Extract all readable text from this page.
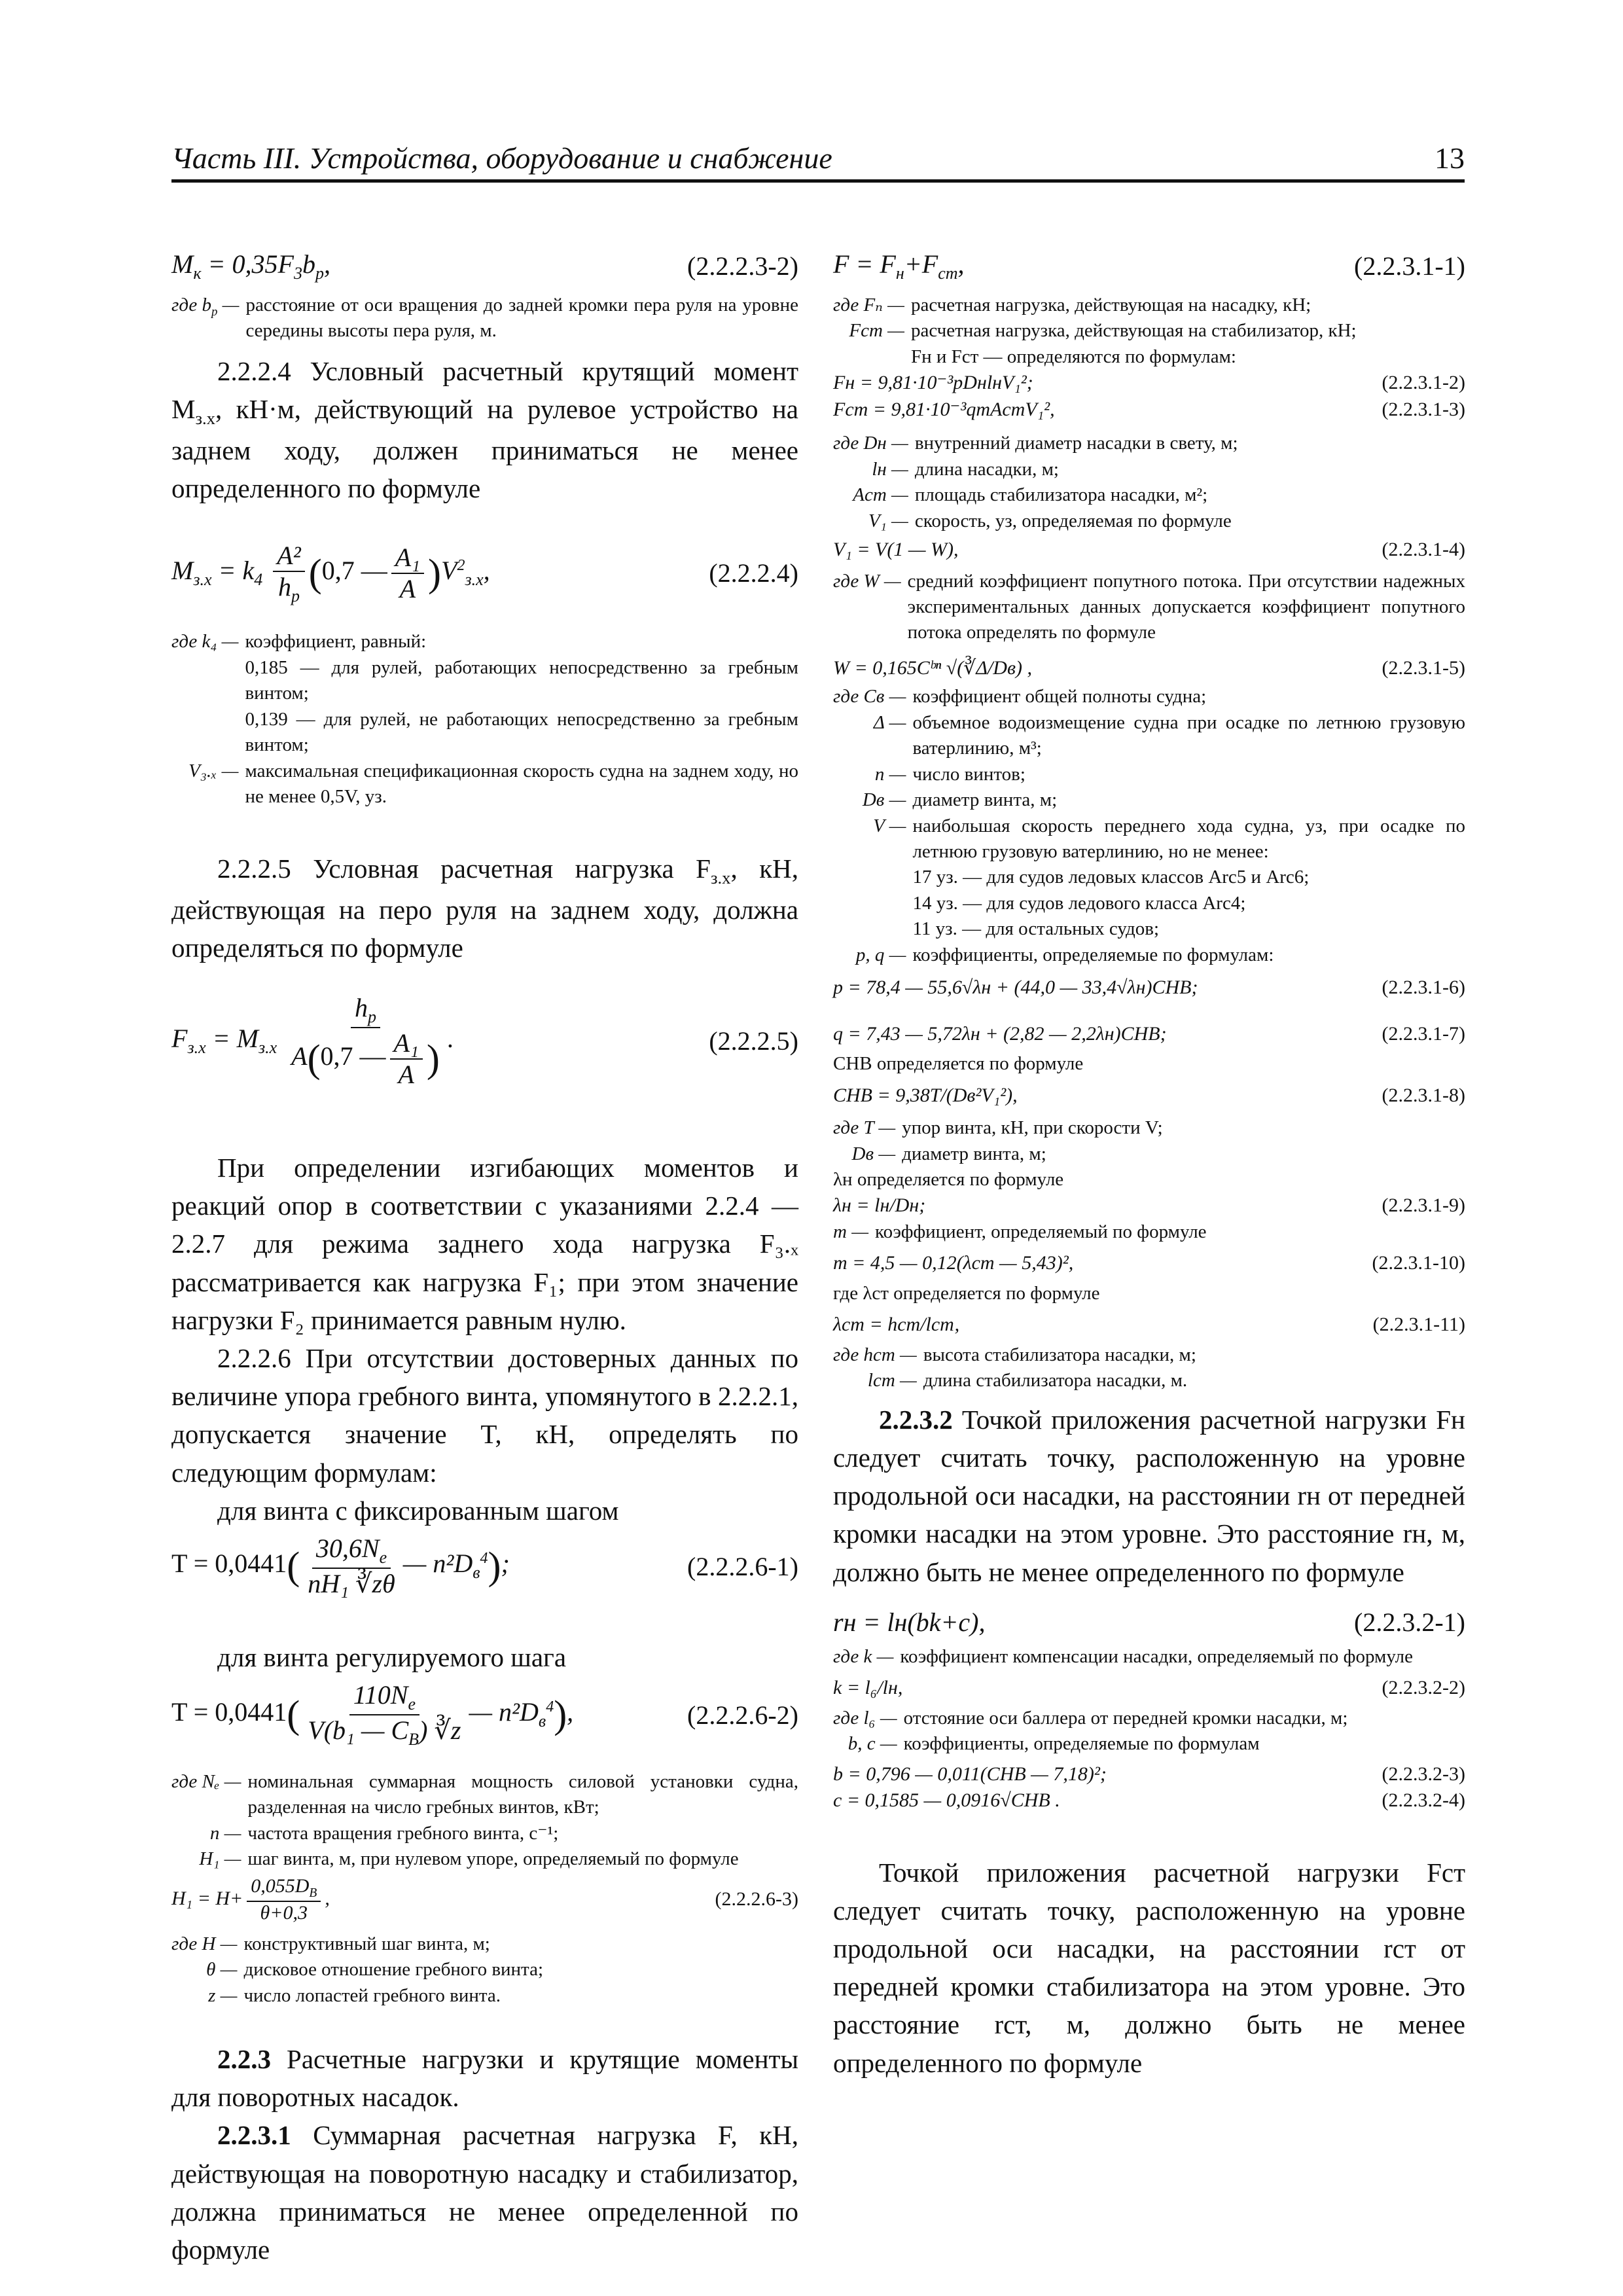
Часть III. Устройства, оборудование и снабжение	13
$M_к = 0,35F_3b_р$,	(2.2.2.3-2)
где $b_р$ — расстояние от оси вращения до задней кромки пера руля на уровне середины высоты пера руля, м.
2.2.2.4 Условный расчетный крутящий момент $M_{з.х}$, кН·м, действующий на рулевое устройство на заднем ходу, должен приниматься не менее определенного по формуле
$M_{з.х} = k_4 \frac{\text{A²}}{h_р} (0,7$ — $\frac{\text{A₁}}{A} )V^2_{з.х}$,	(2.2.2.4)
где k₄ — коэффициент, равный:
0,185 — для рулей, работающих непосредственно за гребным винтом;
0,139 — для рулей, не работающих непосредственно за гребным винтом;
V₃.ₓ — максимальная спецификационная скорость судна на заднем ходу, но не менее 0,5V, уз.
2.2.2.5 Условная расчетная нагрузка $F_{з.х}$, кН, действующая на перо руля на заднем ходу, должна определяться по формуле
$F_{з.х} = M_{з.х} \frac{h_р}{A(0,7 — \frac{\text{A₁}}{A} )}$ .	(2.2.2.5)
При определении изгибающих моментов и реакций опор в соответствии с указаниями 2.2.4 — 2.2.7 для режима заднего хода нагрузка F₃.ₓ рассматривается как нагрузка F₁; при этом значение нагрузки F₂ принимается равным нулю.
2.2.2.6 При отсутствии достоверных данных по величине упора гребного винта, упомянутого в 2.2.2.1, допускается значение T, кН, определять по следующим формулам:
для винта с фиксированным шагом
$T = 0,0441( \frac{30,6N_e}{\text{nH₁ ∛zθ}}$ — $n^2D_в^4$);	(2.2.2.6-1)
для винта регулируемого шага
$T = 0,0441( \frac{110N_e}{V(b_1 — C_B) ∛z}$ — $n^2D_в^4$),	(2.2.2.6-2)
где Nₑ — номинальная суммарная мощность силовой установки судна, разделенная на число гребных винтов, кВт;
n — частота вращения гребного винта, с⁻¹;
H₁ — шаг винта, м, при нулевом упоре, определяемый по формуле
$H_1 = H+ \frac{0,055D_В}{\theta+0,3}$ ,	(2.2.2.6-3)
где H — конструктивный шаг винта, м;
θ — дисковое отношение гребного винта;
z — число лопастей гребного винта.
2.2.3 Расчетные нагрузки и крутящие моменты для поворотных насадок.
2.2.3.1 Суммарная расчетная нагрузка F, кН, действующая на поворотную насадку и стабилизатор, должна приниматься не менее определенной по формуле
$F = F_н+F_{ст}$,	(2.2.3.1-1)
где Fₙ — расчетная нагрузка, действующая на насадку, кН;
Fст — расчетная нагрузка, действующая на стабилизатор, кН;
Fн и Fст — определяются по формулам:
Fн = 9,81·10⁻³pDнlнV₁²;	(2.2.3.1-2)
Fст = 9,81·10⁻³qmAстV₁²,	(2.2.3.1-3)
где Dн — внутренний диаметр насадки в свету, м;
lн — длина насадки, м;
Aст — площадь стабилизатора насадки, м²;
V₁ — скорость, уз, определяемая по формуле
V₁ = V(1 — W),	(2.2.3.1-4)
где W — средний коэффициент попутного потока. При отсутствии надежных экспериментальных данных допускается коэффициент попутного потока определять по формуле
W = 0,165Cᵇⁿ √(∛Δ/Dв) ,	(2.2.3.1-5)
где Cв — коэффициент общей полноты судна;
Δ — объемное водоизмещение судна при осадке по летнюю грузовую ватерлинию, м³;
n — число винтов;
Dв — диаметр винта, м;
V — наибольшая скорость переднего хода судна, уз, при осадке по летнюю грузовую ватерлинию, но не менее:
17 уз. — для судов ледовых классов Arc5 и Arc6;
14 уз. — для судов ледового класса Arc4;
11 уз. — для остальных судов;
p, q — коэффициенты, определяемые по формулам:
p = 78,4 — 55,6√λн + (44,0 — 33,4√λн)CHB;	(2.2.3.1-6)
q = 7,43 — 5,72λн + (2,82 — 2,2λн)CHB;	(2.2.3.1-7)
CHB определяется по формуле
CHB = 9,38T/(Dв²V₁²),	(2.2.3.1-8)
где T — упор винта, кН, при скорости V;
Dв — диаметр винта, м;
λн определяется по формуле
λн = lн/Dн;	(2.2.3.1-9)
m — коэффициент, определяемый по формуле
m = 4,5 — 0,12(λст — 5,43)²,	(2.2.3.1-10)
где λст определяется по формуле
λст = hст/lст,	(2.2.3.1-11)
где hст — высота стабилизатора насадки, м;
lст — длина стабилизатора насадки, м.
2.2.3.2 Точкой приложения расчетной нагрузки Fн следует считать точку, расположенную на уровне продольной оси насадки, на расстоянии rн от передней кромки насадки на этом уровне. Это расстояние rн, м, должно быть не менее определенного по формуле
rн = lн(bk+c),	(2.2.3.2-1)
где k — коэффициент компенсации насадки, определяемый по формуле
k = l₆/lн,	(2.2.3.2-2)
где l₆ — отстояние оси баллера от передней кромки насадки, м;
b, c — коэффициенты, определяемые по формулам
b = 0,796 — 0,011(CHB — 7,18)²;	(2.2.3.2-3)
c = 0,1585 — 0,0916√CHB .	(2.2.3.2-4)
Точкой приложения расчетной нагрузки Fст следует считать точку, расположенную на уровне продольной оси насадки, на расстоянии rст от передней кромки стабилизатора на этом уровне. Это расстояние rст, м, должно быть не менее определенного по формуле
